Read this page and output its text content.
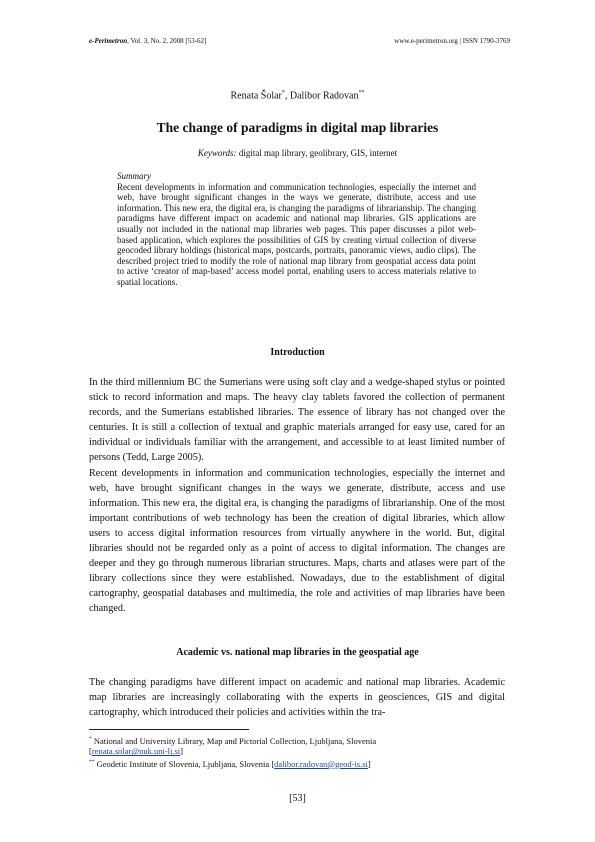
e-Perimetron, Vol. 3, No. 2, 2008 [53-62]	www.e-perimetron.org | ISSN 1790-3769
Renata Šolar*, Dalibor Radovan**
The change of paradigms in digital map libraries
Keywords: digital map library, geolibrary, GIS, internet

Summary

Recent developments in information and communication technologies, especially the internet and web, have brought significant changes in the ways we generate, distribute, access and use information. This new era, the digital era, is changing the paradigms of librarianship. The changing paradigms have different impact on academic and national map libraries. GIS applications are usually not included in the national map libraries web pages. This paper discusses a pilot web-based application, which explores the possibilities of GIS by creating virtual collection of diverse geocoded library holdings (historical maps, postcards, portraits, panoramic views, audio clips). The described project tried to modify the role of national map library from geospatial access data point to active ‘creator of map-based’ access model portal, enabling users to access materials relative to spatial locations.

Introduction

In the third millennium BC the Sumerians were using soft clay and a wedge-shaped stylus or pointed stick to record information and maps. The heavy clay tablets favored the collection of permanent records, and the Sumerians established libraries. The essence of library has not changed over the centuries. It is still a collection of textual and graphic materials arranged for easy use, cared for an individual or individuals familiar with the arrangement, and accessible to at least limited number of persons (Tedd, Large 2005).

Recent developments in information and communication technologies, especially the internet and web, have brought significant changes in the ways we generate, distribute, access and use information. This new era, the digital era, is changing the paradigms of librarianship. One of the most important contributions of web technology has been the creation of digital libraries, which allow users to access digital information resources from virtually anywhere in the world. But, digital libraries should not be regarded only as a point of access to digital information. The changes are deeper and they go through numerous librarian structures. Maps, charts and atlases were part of the library collections since they were established. Nowadays, due to the establishment of digital cartography, geospatial databases and multimedia, the role and activities of map libraries have been changed.

Academic vs. national map libraries in the geospatial age

The changing paradigms have different impact on academic and national map libraries. Academic map libraries are increasingly collaborating with the experts in geosciences, GIS and digital cartography, which introduced their policies and activities within the tra-

* National and University Library, Map and Pictorial Collection, Ljubljana, Slovenia
[renata.solar@nuk.uni-lj.si]

** Geodetic Institute of Slovenia, Ljubljana, Slovenia [dalibor.radovan@geod-is.si]

[53]
